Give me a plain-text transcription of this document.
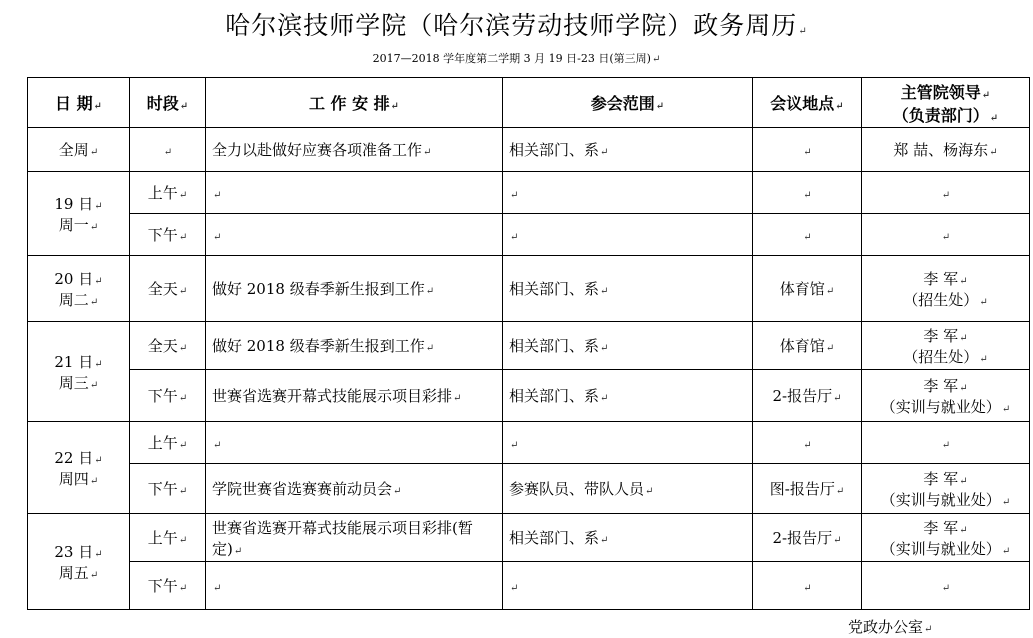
哈尔滨技师学院（哈尔滨劳动技师学院）政务周历↵
2017—2018 学年度第二学期 3 月 19 日-23 日(第三周)↵
日 期↵	时段↵	工 作 安 排↵	参会范围↵	会议地点↵	主管院领导↵
（负责部门）↵
全周↵	↵	全力以赴做好应赛各项准备工作↵	相关部门、系↵	↵	郑 喆、杨海东↵
19 日↵
周一↵	上午↵	↵	↵	↵	↵
	下午↵	↵	↵	↵	↵
20 日↵
周二↵	全天↵	做好 2018 级春季新生报到工作↵	相关部门、系↵	体育馆↵	李 军↵
（招生处）↵
21 日↵
周三↵	全天↵	做好 2018 级春季新生报到工作↵	相关部门、系↵	体育馆↵	李 军↵
（招生处）↵
	下午↵	世赛省选赛开幕式技能展示项目彩排↵	相关部门、系↵	2-报告厅↵	李 军↵
（实训与就业处）↵
22 日↵
周四↵	上午↵	↵	↵	↵	↵
	下午↵	学院世赛省选赛赛前动员会↵	参赛队员、带队人员↵	图-报告厅↵	李 军↵
（实训与就业处）↵
23 日↵
周五↵	上午↵	世赛省选赛开幕式技能展示项目彩排(暂定)↵	相关部门、系↵	2-报告厅↵	李 军↵
（实训与就业处）↵
	下午↵	↵	↵	↵	↵
党政办公室↵
